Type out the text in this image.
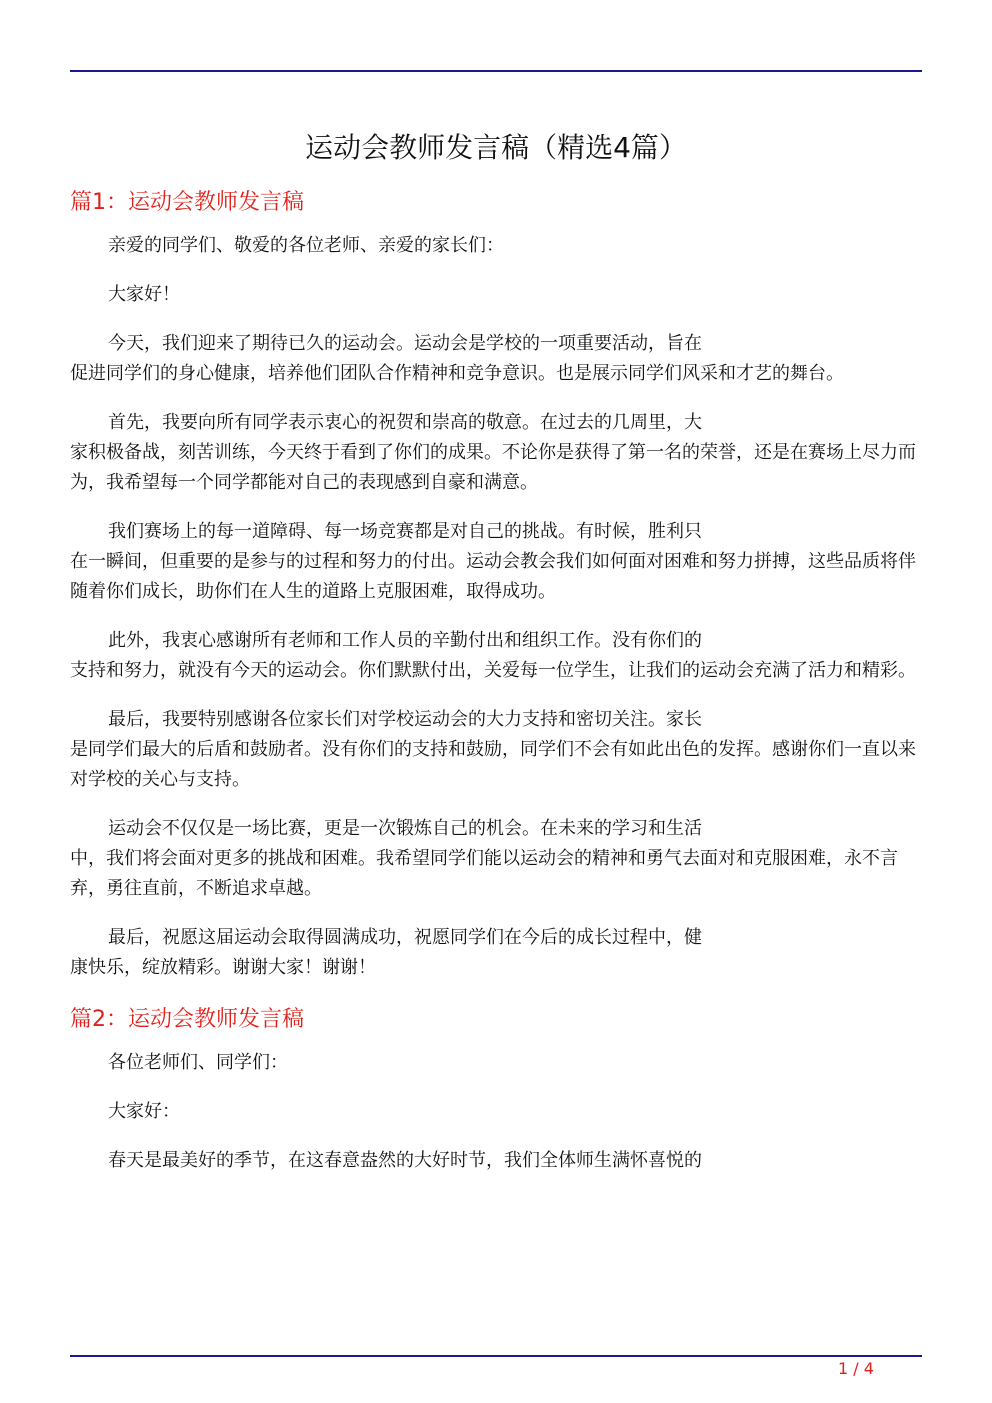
运动会教师发言稿（精选4篇）
篇1：运动会教师发言稿

亲爱的同学们、敬爱的各位老师、亲爱的家长们：

大家好！

今天，我们迎来了期待已久的运动会。运动会是学校的一项重要活动，旨在
促进同学们的身心健康，培养他们团队合作精神和竞争意识。也是展示同学们风采和才艺的舞台。

首先，我要向所有同学表示衷心的祝贺和崇高的敬意。在过去的几周里，大
家积极备战，刻苦训练，今天终于看到了你们的成果。不论你是获得了第一名的荣誉，还是在赛场上尽力而为，我希望每一个同学都能对自己的表现感到自豪和满意。

我们赛场上的每一道障碍、每一场竞赛都是对自己的挑战。有时候，胜利只
在一瞬间，但重要的是参与的过程和努力的付出。运动会教会我们如何面对困难和努力拼搏，这些品质将伴随着你们成长，助你们在人生的道路上克服困难，取得成功。

此外，我衷心感谢所有老师和工作人员的辛勤付出和组织工作。没有你们的
支持和努力，就没有今天的运动会。你们默默付出，关爱每一位学生，让我们的运动会充满了活力和精彩。

最后，我要特别感谢各位家长们对学校运动会的大力支持和密切关注。家长
是同学们最大的后盾和鼓励者。没有你们的支持和鼓励，同学们不会有如此出色的发挥。感谢你们一直以来对学校的关心与支持。

运动会不仅仅是一场比赛，更是一次锻炼自己的机会。在未来的学习和生活
中，我们将会面对更多的挑战和困难。我希望同学们能以运动会的精神和勇气去面对和克服困难，永不言弃，勇往直前，不断追求卓越。

最后，祝愿这届运动会取得圆满成功，祝愿同学们在今后的成长过程中，健
康快乐，绽放精彩。谢谢大家！谢谢！

篇2：运动会教师发言稿

各位老师们、同学们：

大家好：

春天是最美好的季节，在这春意盎然的大好时节，我们全体师生满怀喜悦的

1 / 4
